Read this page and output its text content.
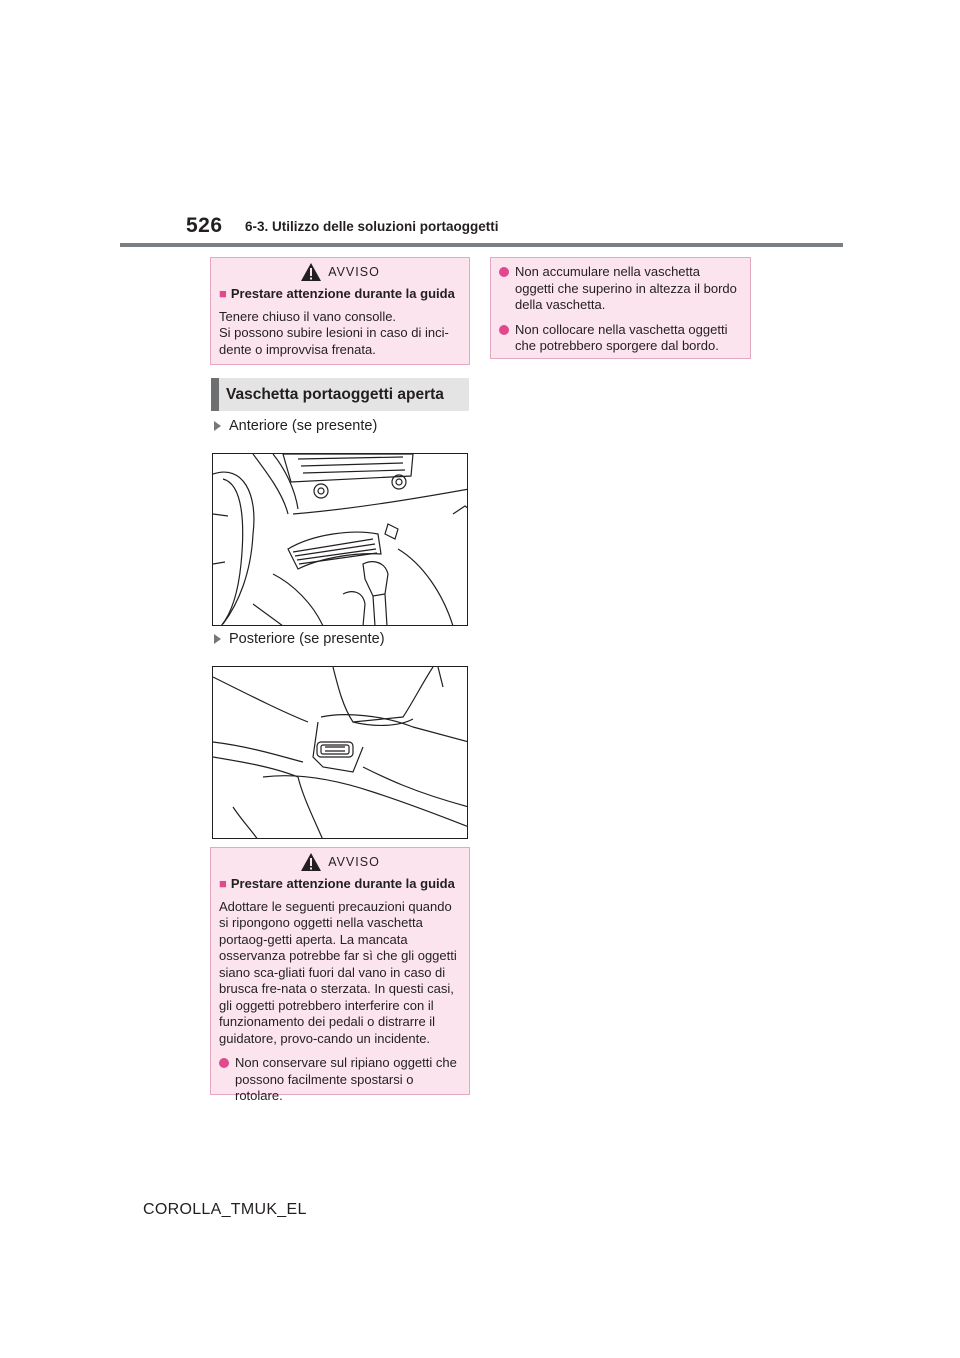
526 6-3. Utilizzo delle soluzioni portaoggetti
AVVISO
■ Prestare attenzione durante la guida
Tenere chiuso il vano consolle.
Si possono subire lesioni in caso di inci-dente o improvvisa frenata.
Vaschetta portaoggetti aperta
Anteriore (se presente)
Posteriore (se presente)
AVVISO
■ Prestare attenzione durante la guida
Adottare le seguenti precauzioni quando si ripongono oggetti nella vaschetta portaog-getti aperta. La mancata osservanza potrebbe far sì che gli oggetti siano sca-gliati fuori dal vano in caso di brusca fre-nata o sterzata. In questi casi, gli oggetti potrebbero interferire con il funzionamento dei pedali o distrarre il guidatore, provo-cando un incidente.
Non conservare sul ripiano oggetti che possono facilmente spostarsi o rotolare.
Non accumulare nella vaschetta oggetti che superino in altezza il bordo della vaschetta.
Non collocare nella vaschetta oggetti che potrebbero sporgere dal bordo.
COROLLA_TMUK_EL
